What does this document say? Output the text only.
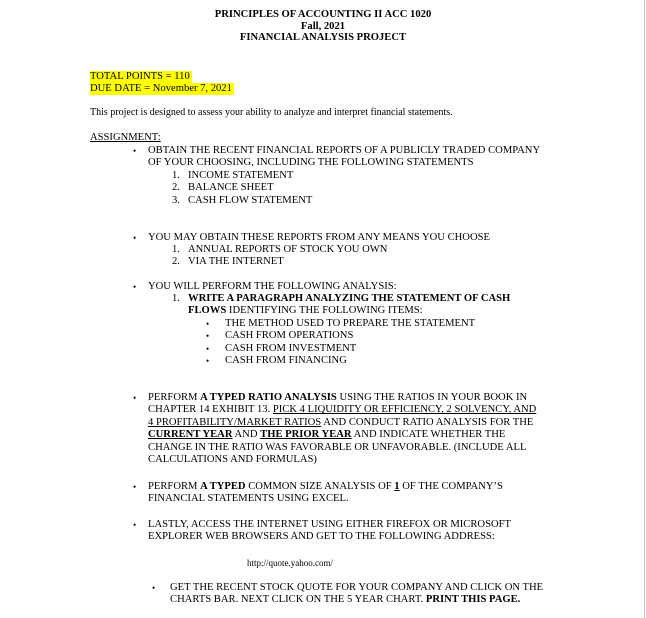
PRINCIPLES OF ACCOUNTING II ACC 1020
Fall, 2021
FINANCIAL ANALYSIS PROJECT
TOTAL POINTS = 110
DUE DATE = November 7, 2021
This project is designed to assess your ability to analyze and interpret financial statements.
ASSIGNMENT:
• OBTAIN THE RECENT FINANCIAL REPORTS OF A PUBLICLY TRADED COMPANY
OF YOUR CHOOSING, INCLUDING THE FOLLOWING STATEMENTS
1. INCOME STATEMENT
2. BALANCE SHEET
3. CASH FLOW STATEMENT
• YOU MAY OBTAIN THESE REPORTS FROM ANY MEANS YOU CHOOSE
1. ANNUAL REPORTS OF STOCK YOU OWN
2. VIA THE INTERNET
• YOU WILL PERFORM THE FOLLOWING ANALYSIS:
1. WRITE A PARAGRAPH ANALYZING THE STATEMENT OF CASH
FLOWS IDENTIFYING THE FOLLOWING ITEMS:
• THE METHOD USED TO PREPARE THE STATEMENT
• CASH FROM OPERATIONS
• CASH FROM INVESTMENT
• CASH FROM FINANCING
• PERFORM A TYPED RATIO ANALYSIS USING THE RATIOS IN YOUR BOOK IN
CHAPTER 14 EXHIBIT 13. PICK 4 LIQUIDITY OR EFFICIENCY, 2 SOLVENCY, AND
4 PROFITABILITY/MARKET RATIOS AND CONDUCT RATIO ANALYSIS FOR THE
CURRENT YEAR AND THE PRIOR YEAR AND INDICATE WHETHER THE
CHANGE IN THE RATIO WAS FAVORABLE OR UNFAVORABLE. (INCLUDE ALL
CALCULATIONS AND FORMULAS)
• PERFORM A TYPED COMMON SIZE ANALYSIS OF 1 OF THE COMPANY’S
FINANCIAL STATEMENTS USING EXCEL.
• LASTLY, ACCESS THE INTERNET USING EITHER FIREFOX OR MICROSOFT
EXPLORER WEB BROWSERS AND GET TO THE FOLLOWING ADDRESS:
http://quote.yahoo.com/
• GET THE RECENT STOCK QUOTE FOR YOUR COMPANY AND CLICK ON THE
CHARTS BAR. NEXT CLICK ON THE 5 YEAR CHART. PRINT THIS PAGE.
